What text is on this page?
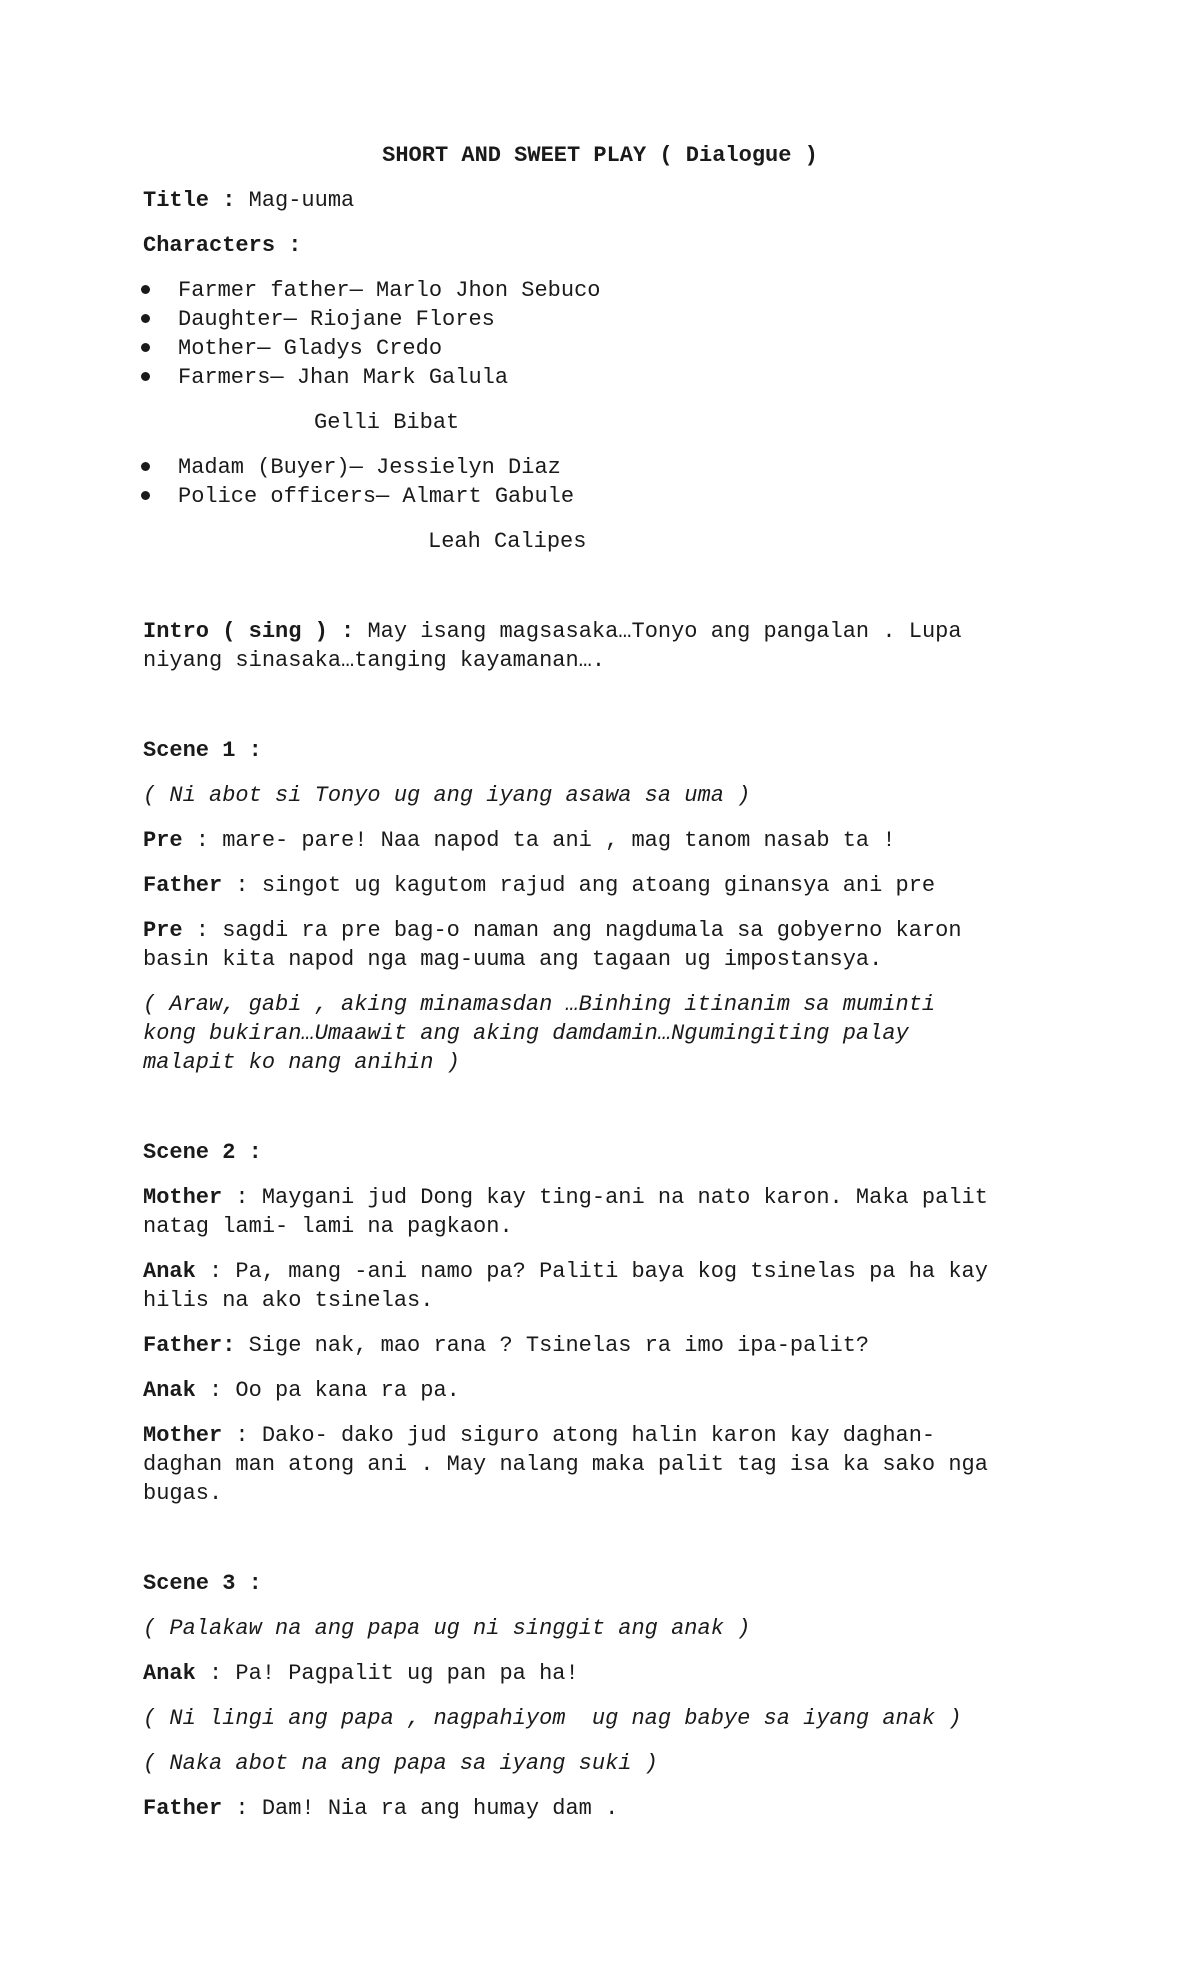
SHORT AND SWEET PLAY ( Dialogue )
Title : Mag-uuma
Characters :
Farmer father— Marlo Jhon Sebuco
Daughter— Riojane Flores
Mother— Gladys Credo
Farmers— Jhan Mark Galula
Gelli Bibat
Madam (Buyer)— Jessielyn Diaz
Police officers— Almart Gabule
Leah Calipes
Intro ( sing ) : May isang magsasaka…Tonyo ang pangalan . Lupa
niyang sinasaka…tanging kayamanan….
Scene 1 :
( Ni abot si Tonyo ug ang iyang asawa sa uma )
Pre : mare- pare! Naa napod ta ani , mag tanom nasab ta !
Father : singot ug kagutom rajud ang atoang ginansya ani pre
Pre : sagdi ra pre bag-o naman ang nagdumala sa gobyerno karon
basin kita napod nga mag-uuma ang tagaan ug impostansya.
( Araw, gabi , aking minamasdan …Binhing itinanim sa muminti
kong bukiran…Umaawit ang aking damdamin…Ngumingiting palay
malapit ko nang anihin )
Scene 2 :
Mother : Maygani jud Dong kay ting-ani na nato karon. Maka palit
natag lami- lami na pagkaon.
Anak : Pa, mang -ani namo pa? Paliti baya kog tsinelas pa ha kay
hilis na ako tsinelas.
Father: Sige nak, mao rana ? Tsinelas ra imo ipa-palit?
Anak : Oo pa kana ra pa.
Mother : Dako- dako jud siguro atong halin karon kay daghan-
daghan man atong ani . May nalang maka palit tag isa ka sako nga
bugas.
Scene 3 :
( Palakaw na ang papa ug ni singgit ang anak )
Anak : Pa! Pagpalit ug pan pa ha!
( Ni lingi ang papa , nagpahiyom  ug nag babye sa iyang anak )
( Naka abot na ang papa sa iyang suki )
Father : Dam! Nia ra ang humay dam .
